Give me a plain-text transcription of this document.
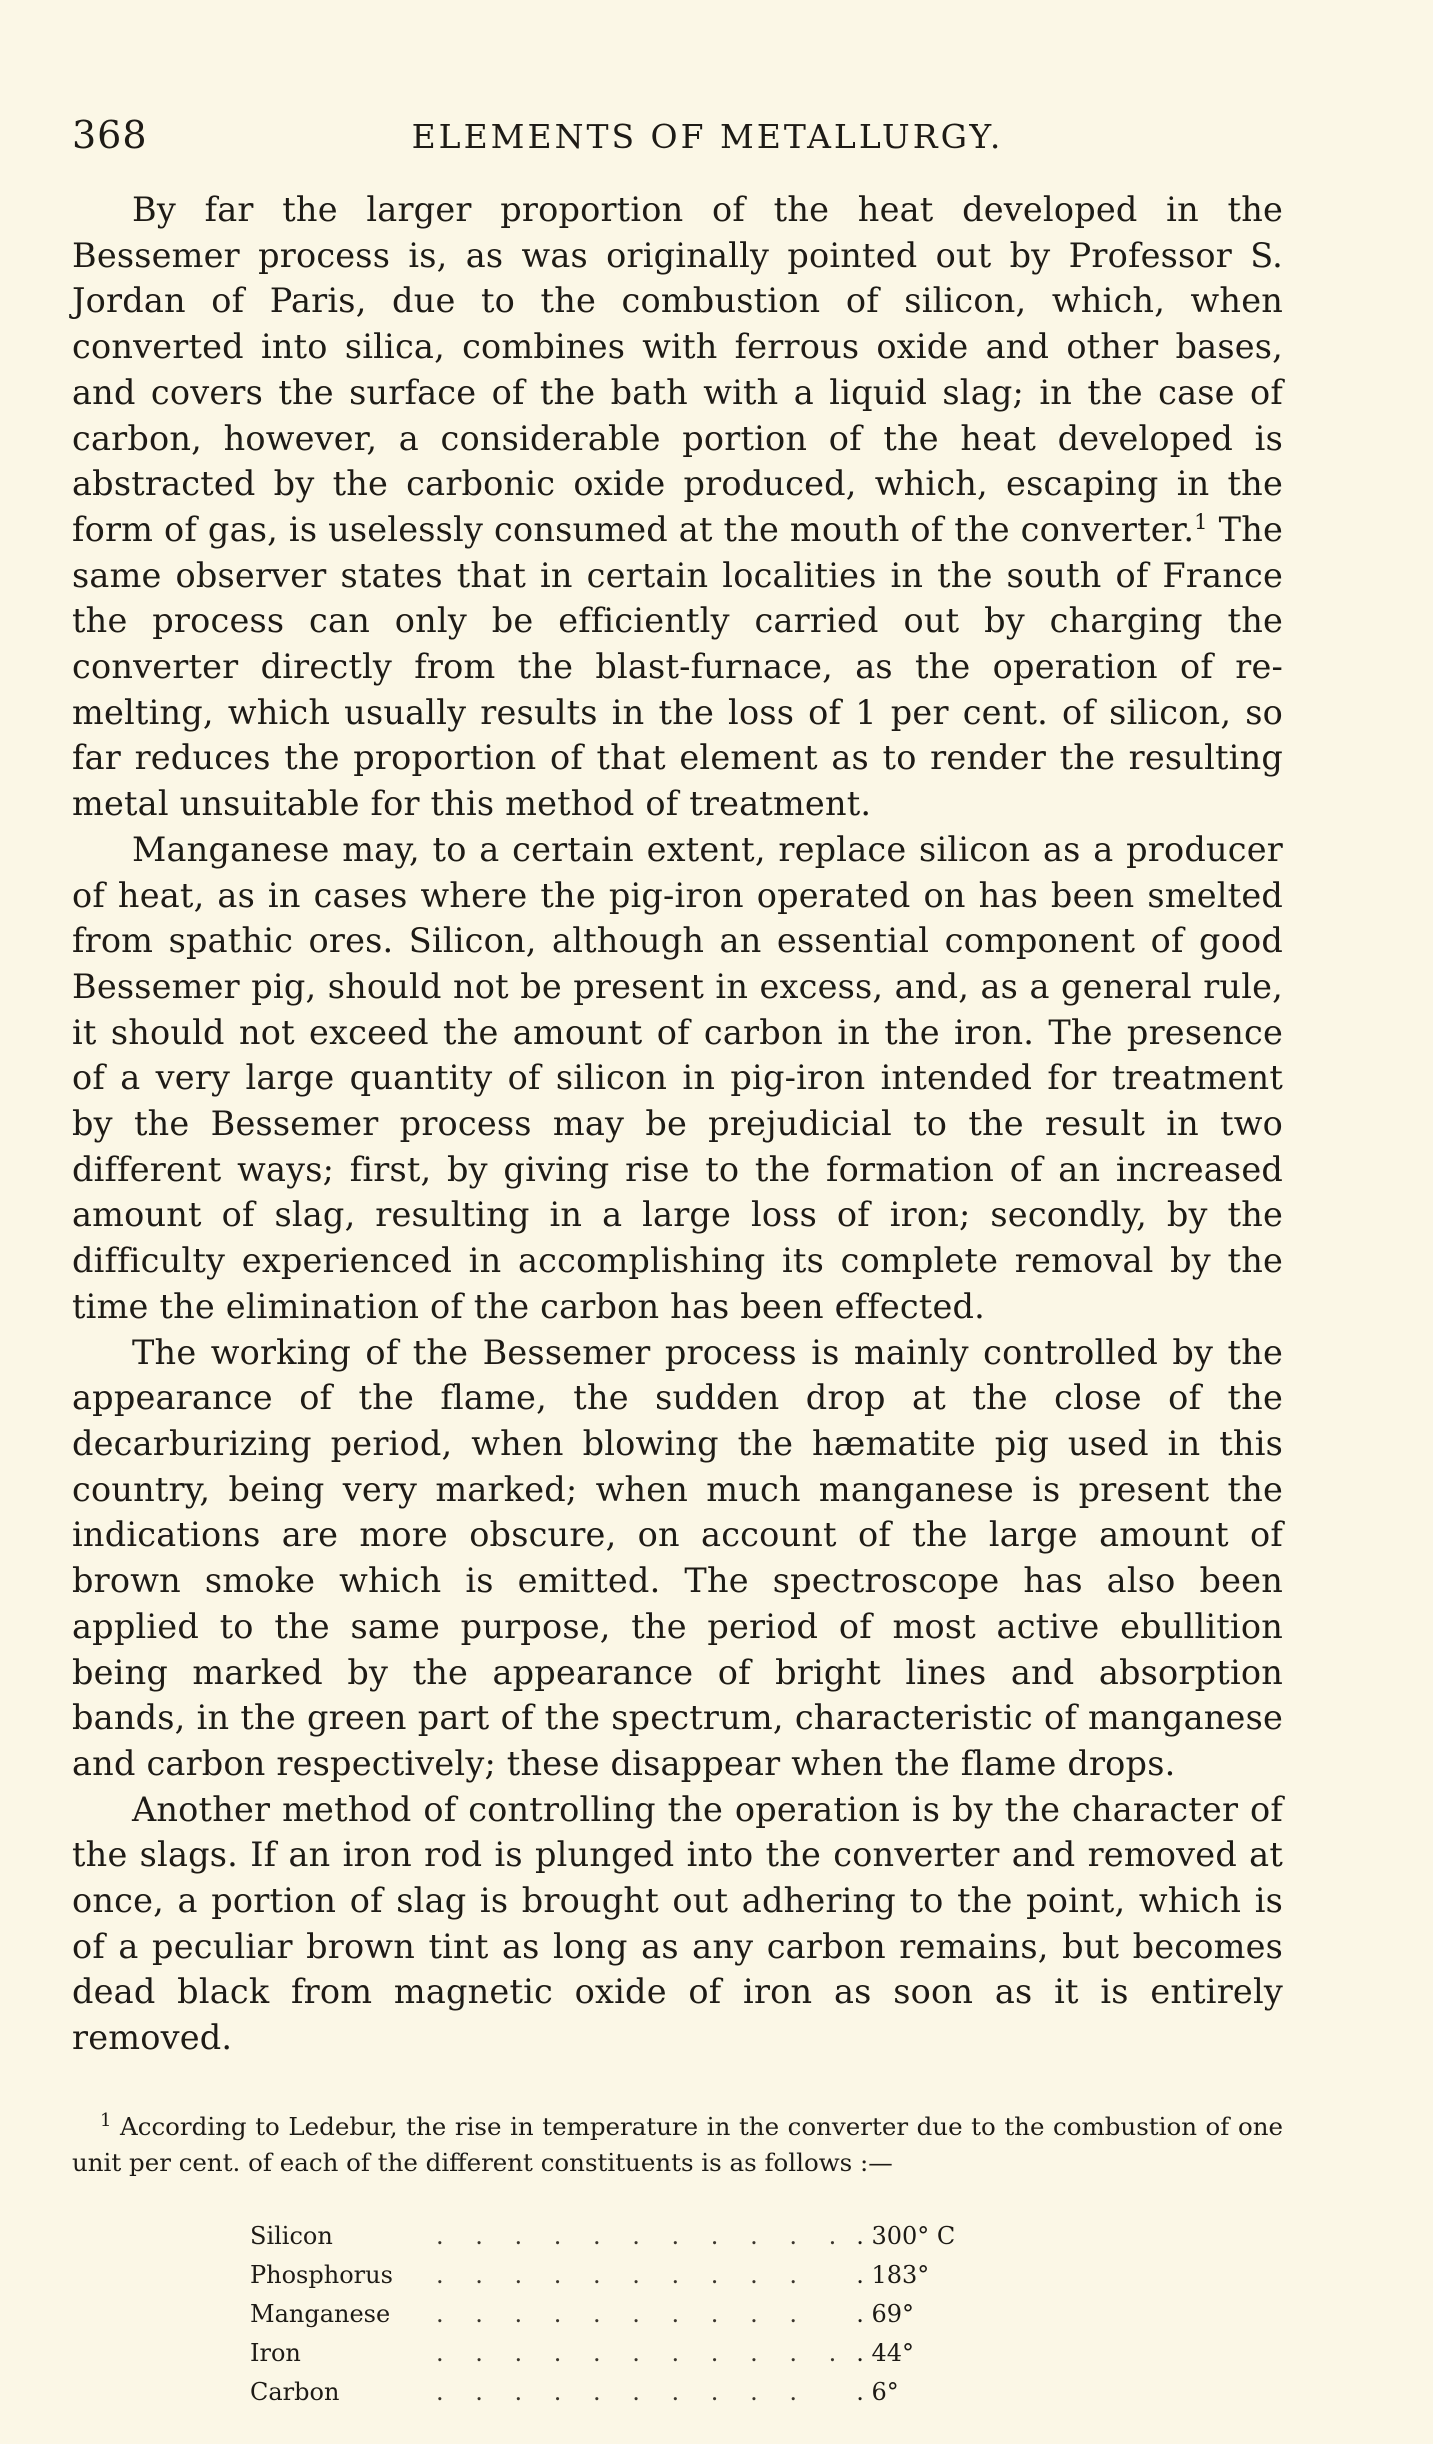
368	ELEMENTS OF METALLURGY.

By far the larger proportion of the heat developed in the Bessemer process is, as was originally pointed out by Professor S. Jordan of Paris, due to the combustion of silicon, which, when converted into silica, combines with ferrous oxide and other bases, and covers the surface of the bath with a liquid slag; in the case of carbon, however, a considerable portion of the heat developed is abstracted by the carbonic oxide produced, which, escaping in the form of gas, is uselessly consumed at the mouth of the converter.$^1$ The same observer states that in certain localities in the south of France the process can only be efficiently carried out by charging the converter directly from the blast-furnace, as the operation of re-melting, which usually results in the loss of 1 per cent. of silicon, so far reduces the proportion of that element as to render the resulting metal unsuitable for this method of treatment.

Manganese may, to a certain extent, replace silicon as a producer of heat, as in cases where the pig-iron operated on has been smelted from spathic ores. Silicon, although an essential component of good Bessemer pig, should not be present in excess, and, as a general rule, it should not exceed the amount of carbon in the iron. The presence of a very large quantity of silicon in pig-iron intended for treatment by the Bessemer process may be prejudicial to the result in two different ways; first, by giving rise to the formation of an increased amount of slag, resulting in a large loss of iron; secondly, by the difficulty experienced in accomplishing its complete removal by the time the elimination of the carbon has been effected.

The working of the Bessemer process is mainly controlled by the appearance of the flame, the sudden drop at the close of the decarburizing period, when blowing the hæmatite pig used in this country, being very marked; when much manganese is present the indications are more obscure, on account of the large amount of brown smoke which is emitted. The spectroscope has also been applied to the same purpose, the period of most active ebullition being marked by the appearance of bright lines and absorption bands, in the green part of the spectrum, characteristic of manganese and carbon respectively; these disappear when the flame drops.

Another method of controlling the operation is by the character of the slags. If an iron rod is plunged into the converter and removed at once, a portion of slag is brought out adhering to the point, which is of a peculiar brown tint as long as any carbon remains, but becomes dead black from magnetic oxide of iron as soon as it is entirely removed.

$^1$ According to Ledebur, the rise in temperature in the converter due to the combustion of one unit per cent. of each of the different constituents is as follows :—

Silicon	. . . . . . . . . . .	. 300° C
Phosphorus	. . . . . . . . . .	. 183°
Manganese	. . . . . . . . . .	. 69°
Iron	. . . . . . . . . . .	. 44°
Carbon	. . . . . . . . . .	. 6°
